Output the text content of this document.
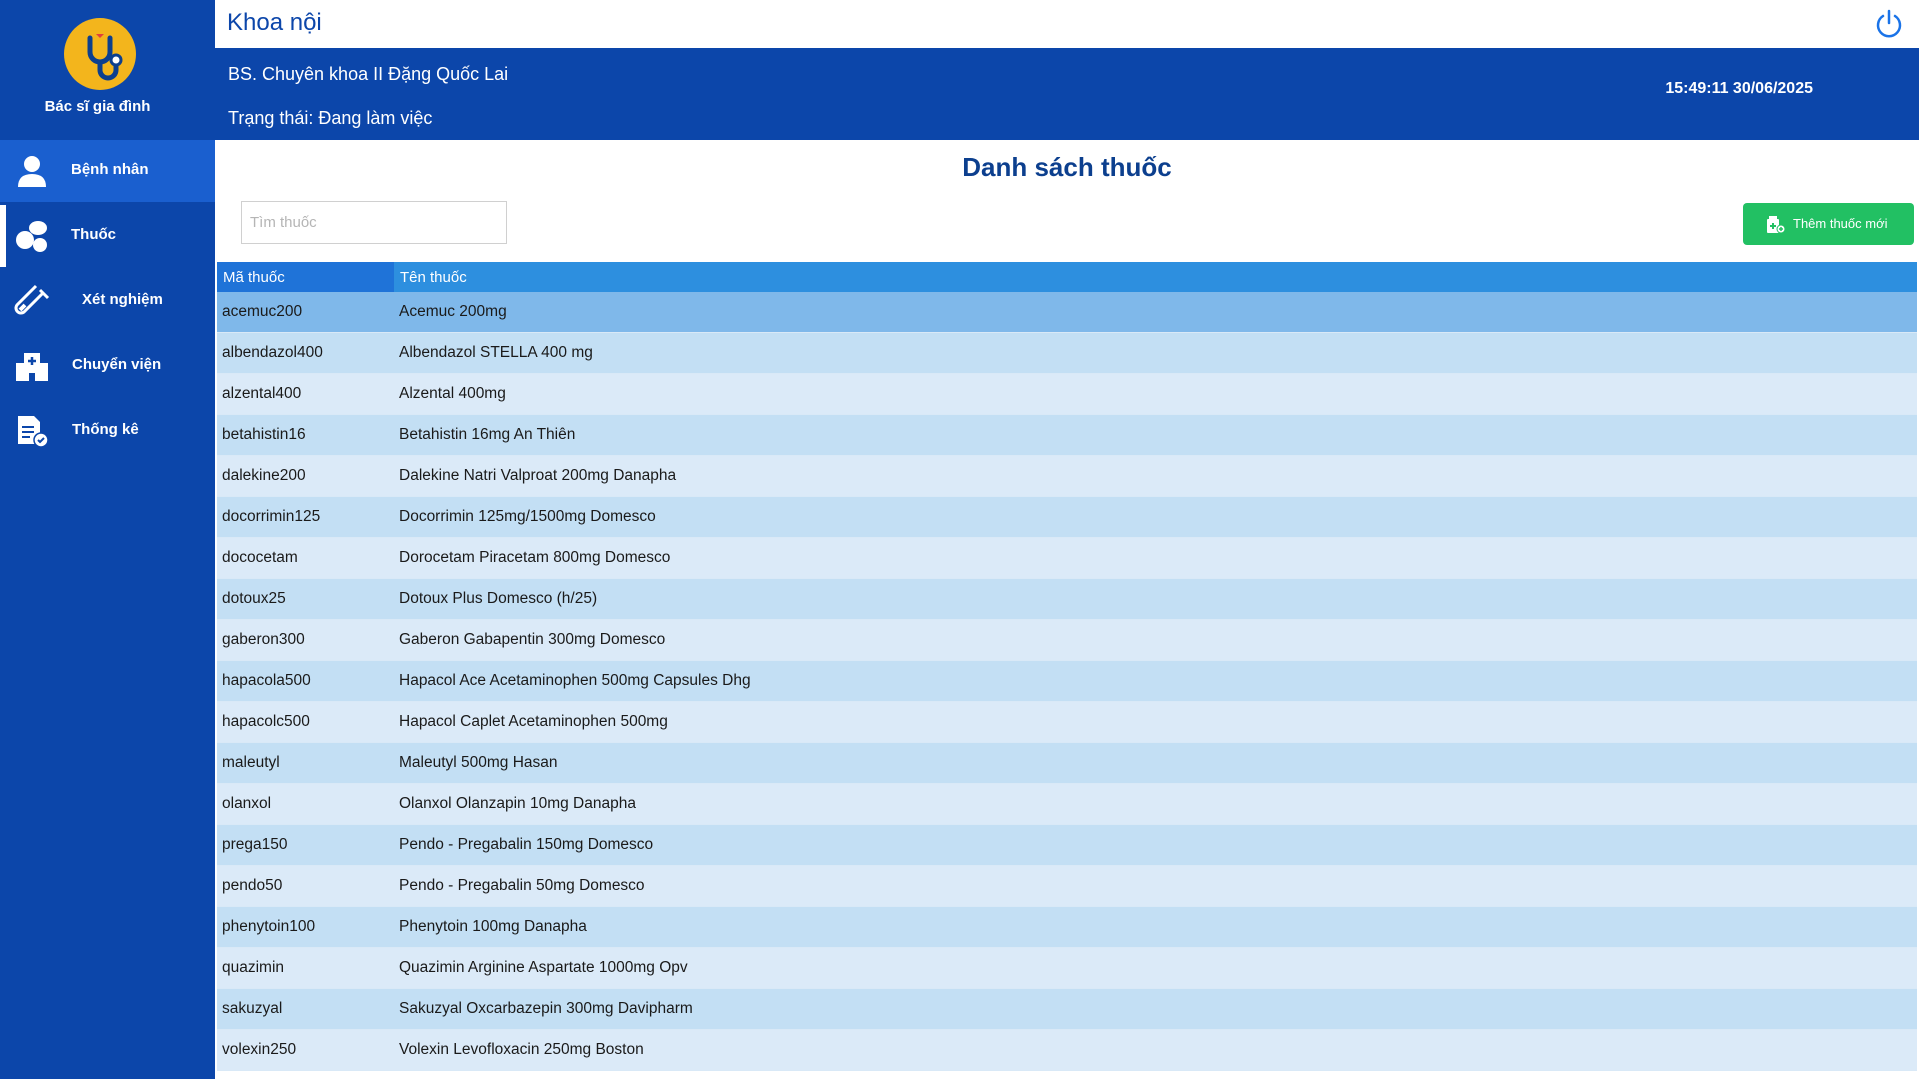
Bác sĩ gia đình
Bệnh nhân
Thuốc
Xét nghiệm
Chuyển viện
Thống kê
Khoa nội
BS. Chuyên khoa II Đặng Quốc Lai
Trạng thái: Đang làm việc
15:49:11 30/06/2025
Danh sách thuốc
Tìm thuốc
Thêm thuốc mới
Mã thuốc	Tên thuốc
acemuc200	Acemuc 200mg
albendazol400	Albendazol STELLA 400 mg
alzental400	Alzental 400mg
betahistin16	Betahistin 16mg An Thiên
dalekine200	Dalekine Natri Valproat 200mg Danapha
docorrimin125	Docorrimin 125mg/1500mg Domesco
dococetam	Dorocetam Piracetam 800mg Domesco
dotoux25	Dotoux Plus Domesco (h/25)
gaberon300	Gaberon Gabapentin 300mg Domesco
hapacola500	Hapacol Ace Acetaminophen 500mg Capsules Dhg
hapacolc500	Hapacol Caplet Acetaminophen 500mg
maleutyl	Maleutyl 500mg Hasan
olanxol	Olanxol Olanzapin 10mg Danapha
prega150	Pendo - Pregabalin 150mg Domesco
pendo50	Pendo - Pregabalin 50mg Domesco
phenytoin100	Phenytoin 100mg Danapha
quazimin	Quazimin Arginine Aspartate 1000mg Opv
sakuzyal	Sakuzyal Oxcarbazepin 300mg Davipharm
volexin250	Volexin Levofloxacin 250mg Boston
